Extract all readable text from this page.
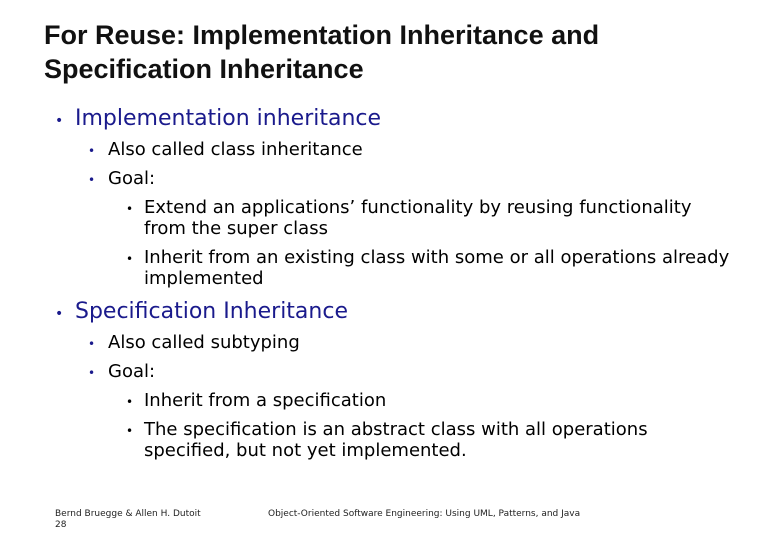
For Reuse: Implementation Inheritance and
Specification Inheritance
• Implementation inheritance
• Also called class inheritance
• Goal:
• Extend an applications’ functionality by reusing functionality from the super class
• Inherit from an existing class with some or all operations already implemented
• Specification Inheritance
• Also called subtyping
• Goal:
• Inherit from a specification
• The specification is an abstract class with all operations specified, but not yet implemented.
Bernd Bruegge & Allen H. Dutoit
28
Object-Oriented Software Engineering: Using UML, Patterns, and Java
